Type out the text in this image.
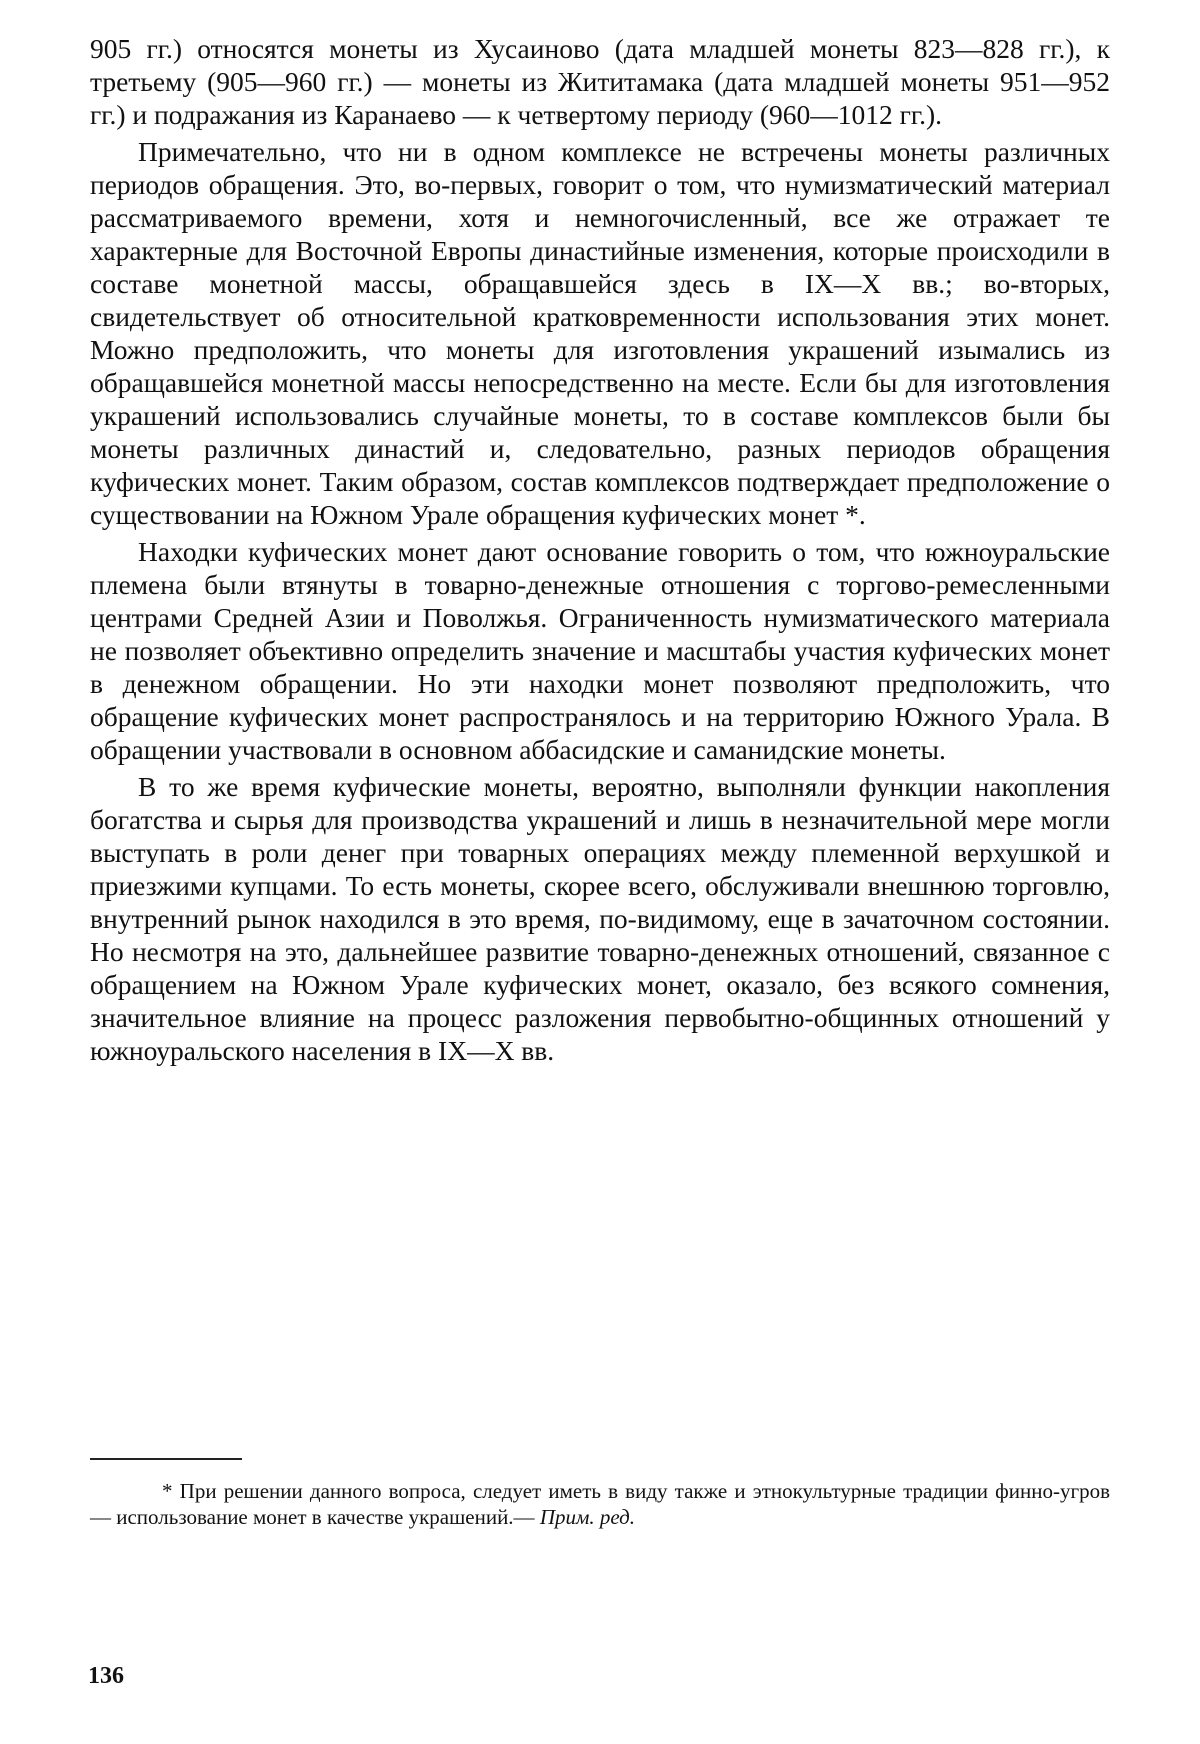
905 гг.) относятся монеты из Хусаиново (дата младшей монеты 823—828 гг.), к третьему (905—960 гг.) — монеты из Жититамака (дата младшей монеты 951—952 гг.) и подражания из Каранаево — к четвертому периоду (960—1012 гг.).

Примечательно, что ни в одном комплексе не встречены монеты различных периодов обращения. Это, во-первых, говорит о том, что нумизматический материал рассматриваемого времени, хотя и немногочисленный, все же отражает те характерные для Восточной Европы династийные изменения, которые происходили в составе монетной массы, обращавшейся здесь в IX—X вв.; во-вторых, свидетельствует об относительной кратковременности использования этих монет. Можно предположить, что монеты для изготовления украшений изымались из обращавшейся монетной массы непосредственно на месте. Если бы для изготовления украшений использовались случайные монеты, то в составе комплексов были бы монеты различных династий и, следовательно, разных периодов обращения куфических монет. Таким образом, состав комплексов подтверждает предположение о существовании на Южном Урале обращения куфических монет *.

Находки куфических монет дают основание говорить о том, что южноуральские племена были втянуты в товарно-денежные отношения с торгово-ремесленными центрами Средней Азии и Поволжья. Ограниченность нумизматического материала не позволяет объективно определить значение и масштабы участия куфических монет в денежном обращении. Но эти находки монет позволяют предположить, что обращение куфических монет распространялось и на территорию Южного Урала. В обращении участвовали в основном аббасидские и саманидские монеты.

В то же время куфические монеты, вероятно, выполняли функции накопления богатства и сырья для производства украшений и лишь в незначительной мере могли выступать в роли денег при товарных операциях между племенной верхушкой и приезжими купцами. То есть монеты, скорее всего, обслуживали внешнюю торговлю, внутренний рынок находился в это время, по-видимому, еще в зачаточном состоянии. Но несмотря на это, дальнейшее развитие товарно-денежных отношений, связанное с обращением на Южном Урале куфических монет, оказало, без всякого сомнения, значительное влияние на процесс разложения первобытно-общинных отношений у южноуральского населения в IX—X вв.

* При решении данного вопроса, следует иметь в виду также и этнокультурные традиции финно-угров — использование монет в качестве украшений.— Прим. ред.

136
